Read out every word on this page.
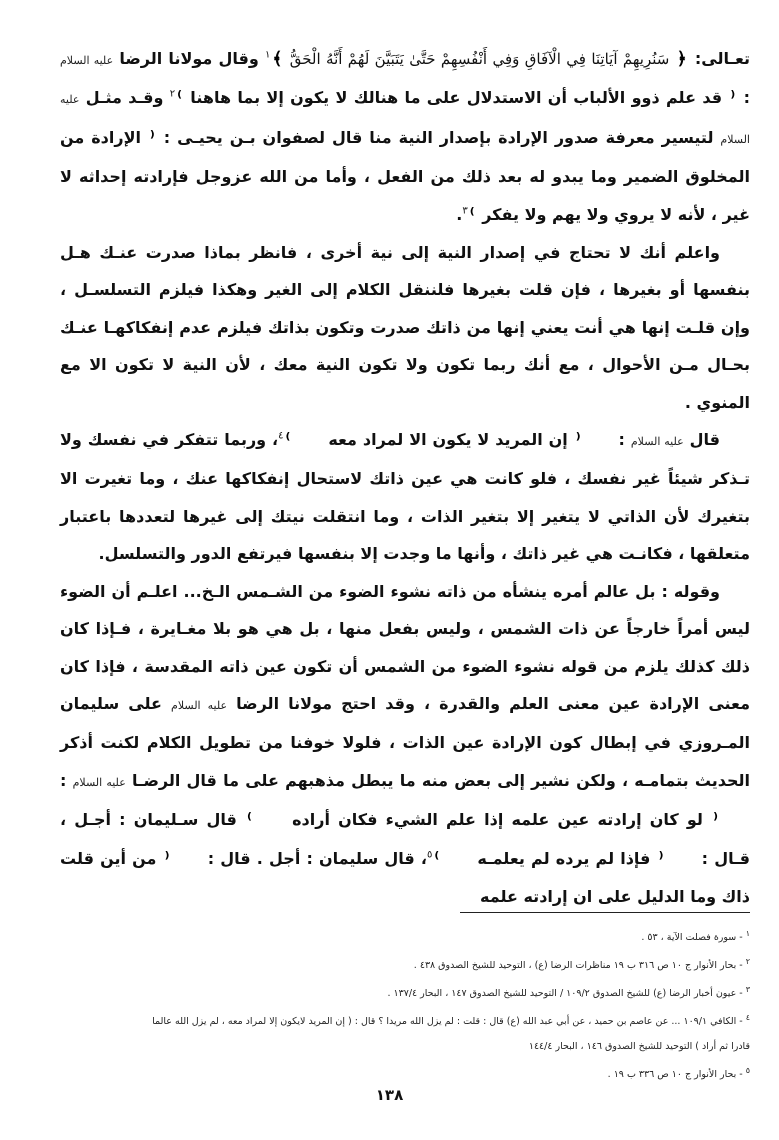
تعـالى: ﴿ سَنُرِيهِمْ آيَاتِنَا فِي الْآفَاقِ وَفِي أَنْفُسِهِمْ حَتَّىٰ يَتَبَيَّنَ لَهُمْ أَنَّهُ الْحَقُّ ﴾$^١$ وقال مولانا الرضا عليه السلام : ⁽ قد علم ذوو الألباب أن الاستدلال على ما هنالك لا يكون إلا بما هاهنا ⁾$^٢$ وقـد مثـل عليه السلام لتيسير معرفة صدور الإرادة بإصدار النية منا قال لصفوان بـن يحيـى : ⁽ الإرادة من المخلوق الضمير وما يبدو له بعد ذلك من الفعل ، وأما من الله عزوجل فإرادته إحداثه لا غير ، لأنه لا يروي ولا يهم ولا يفكر ⁾$^٣$.

واعلم أنك لا تحتاج في إصدار النية إلى نية أخرى ، فانظر بماذا صدرت عنـك هـل بنفسها أو بغيرها ، فإن قلت بغيرها فلننقل الكلام إلى الغير وهكذا فيلزم التسلسـل ، وإن قلـت إنها هي أنت يعني إنها من ذاتك صدرت وتكون بذاتك فيلزم عدم إنفكاكهـا عنـك بحـال مـن الأحوال ، مع أنك ربما تكون ولا تكون النية معك ، لأن النية لا تكون الا مع المنوي .

قال عليه السلام : ⁽ إن المريد لا يكون الا لمراد معه ⁾$^٤$، وربما تتفكر في نفسك ولا تـذكر شيئاً غير نفسك ، فلو كانت هي عين ذاتك لاستحال إنفكاكها عنك ، وما تغيرت الا بتغيرك لأن الذاتي لا يتغير إلا بتغير الذات ، وما انتقلت نيتك إلى غيرها لتعددها باعتبار متعلقها ، فكانـت هي غير ذاتك ، وأنها ما وجدت إلا بنفسها فيرتفع الدور والتسلسل.

وقوله : بل عالم أمره ينشأه من ذاته نشوء الضوء من الشـمس الـخ... اعلـم أن الضوء ليس أمراً خارجاً عن ذات الشمس ، وليس بفعل منها ، بل هي هو بلا مغـايرة ، فـإذا كان ذلك كذلك يلزم من قوله نشوء الضوء من الشمس أن تكون عين ذاته المقدسة ، فإذا كان معنى الإرادة عين معنى العلم والقدرة ، وقد احتج مولانا الرضا عليه السلام على سليمان المـروزي في إبطال كون الإرادة عين الذات ، فلولا خوفنا من تطويل الكلام لكنت أذكر الحديث بتمامـه ، ولكن نشير إلى بعض منه ما يبطل مذهبهم على ما قال الرضـا عليه السلام : ⁽ لو كان إرادته عين علمه إذا علم الشيء فكان أراده ⁾ قال سـليمان : أجـل ، قـال : ⁽ فإذا لم يرده لم يعلمـه ⁾$^٥$، قال سليمان : أجل . قال : ⁽ من أين قلت ذاك وما الدليل على ان إرادته علمه

$^١$- سورة فصلت الآية ، ٥٣ .
$^٢$- بحار الأنوار ج ١٠ ص ٣١٦ ب ١٩ مناظرات الرضا (ع) ، التوحيد للشيخ الصدوق ٤٣٨ .
$^٣$- عيون أخبار الرضا (ع) للشيخ الصدوق ١٠٩/٢ / التوحيد للشيخ الصدوق ١٤٧ ، البحار ١٣٧/٤ .
$^٤$- الكافي ١٠٩/١ ... عن عاصم بن حميد ، عن أبي عبد الله (ع) قال : قلت : لم يزل الله مريدا ؟ قال : ( إن المريد لايكون إلا لمراد معه ، لم يزل الله عالما
قادرا ثم أراد ) التوحيد للشيخ الصدوق ١٤٦ ، البحار ١٤٤/٤
$^٥$- بحار الأنوار ج ١٠ ص ٣٣٦ ب ١٩ .
١٣٨
